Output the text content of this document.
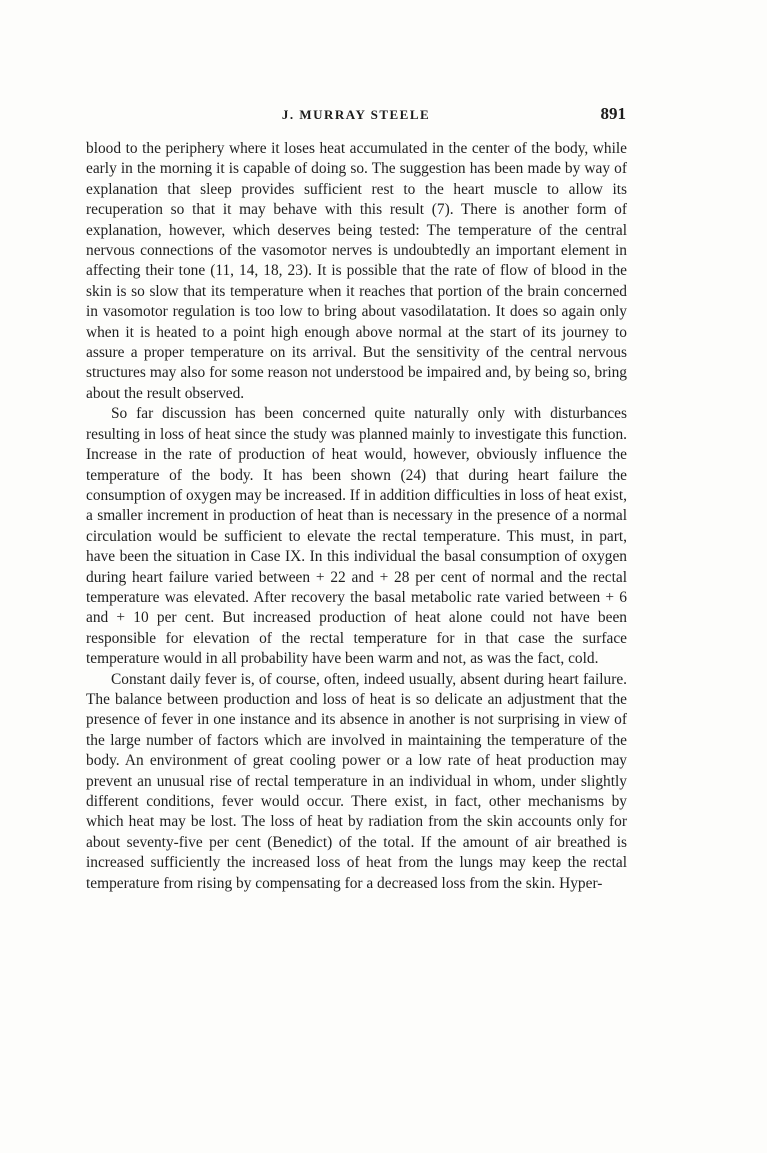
J. MURRAY STEELE	891

blood to the periphery where it loses heat accumulated in the center of the body, while early in the morning it is capable of doing so. The suggestion has been made by way of explanation that sleep provides sufficient rest to the heart muscle to allow its recuperation so that it may behave with this result (7). There is another form of explanation, however, which deserves being tested: The temperature of the central nervous connections of the vasomotor nerves is undoubtedly an important element in affecting their tone (11, 14, 18, 23). It is possible that the rate of flow of blood in the skin is so slow that its temperature when it reaches that portion of the brain concerned in vasomotor regulation is too low to bring about vasodilatation. It does so again only when it is heated to a point high enough above normal at the start of its journey to assure a proper temperature on its arrival. But the sensitivity of the central nervous structures may also for some reason not understood be impaired and, by being so, bring about the result observed.

So far discussion has been concerned quite naturally only with disturbances resulting in loss of heat since the study was planned mainly to investigate this function. Increase in the rate of production of heat would, however, obviously influence the temperature of the body. It has been shown (24) that during heart failure the consumption of oxygen may be increased. If in addition difficulties in loss of heat exist, a smaller increment in production of heat than is necessary in the presence of a normal circulation would be sufficient to elevate the rectal temperature. This must, in part, have been the situation in Case IX. In this individual the basal consumption of oxygen during heart failure varied between + 22 and + 28 per cent of normal and the rectal temperature was elevated. After recovery the basal metabolic rate varied between + 6 and + 10 per cent. But increased production of heat alone could not have been responsible for elevation of the rectal temperature for in that case the surface temperature would in all probability have been warm and not, as was the fact, cold.

Constant daily fever is, of course, often, indeed usually, absent during heart failure. The balance between production and loss of heat is so delicate an adjustment that the presence of fever in one instance and its absence in another is not surprising in view of the large number of factors which are involved in maintaining the temperature of the body. An environment of great cooling power or a low rate of heat production may prevent an unusual rise of rectal temperature in an individual in whom, under slightly different conditions, fever would occur. There exist, in fact, other mechanisms by which heat may be lost. The loss of heat by radiation from the skin accounts only for about seventy-five per cent (Benedict) of the total. If the amount of air breathed is increased sufficiently the increased loss of heat from the lungs may keep the rectal temperature from rising by compensating for a decreased loss from the skin. Hyper-
